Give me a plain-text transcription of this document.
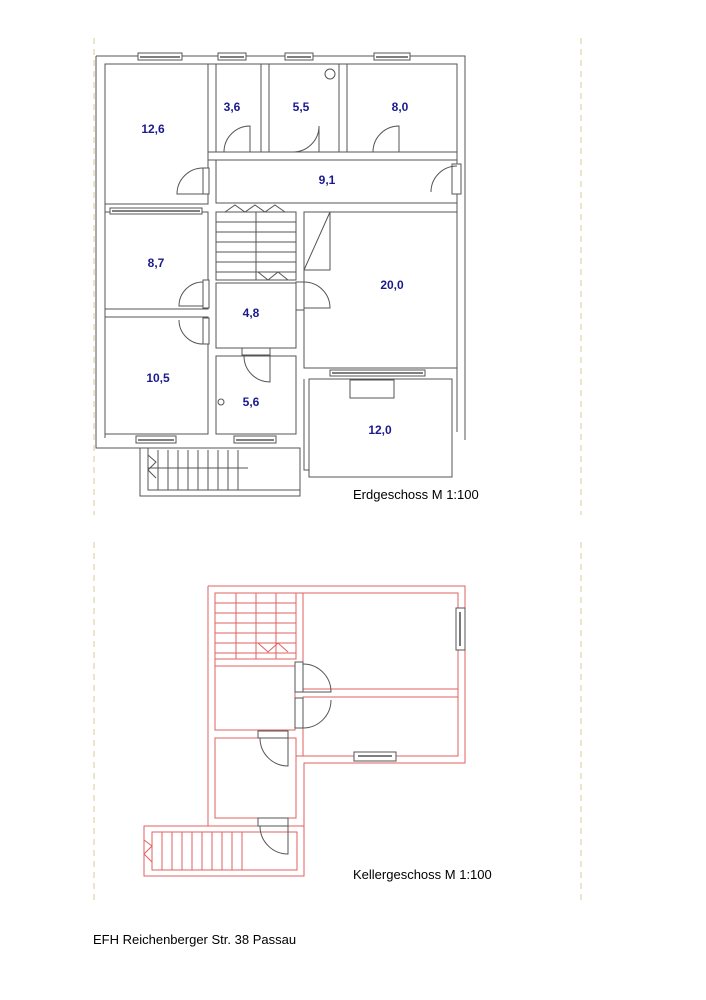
12,6
3,6	5,5	8,0
9,1
8,7
20,0
4,8
10,5
5,6
12,0
Erdgeschoss M 1:100
Kellergeschoss M 1:100
EFH Reichenberger Str. 38 Passau
